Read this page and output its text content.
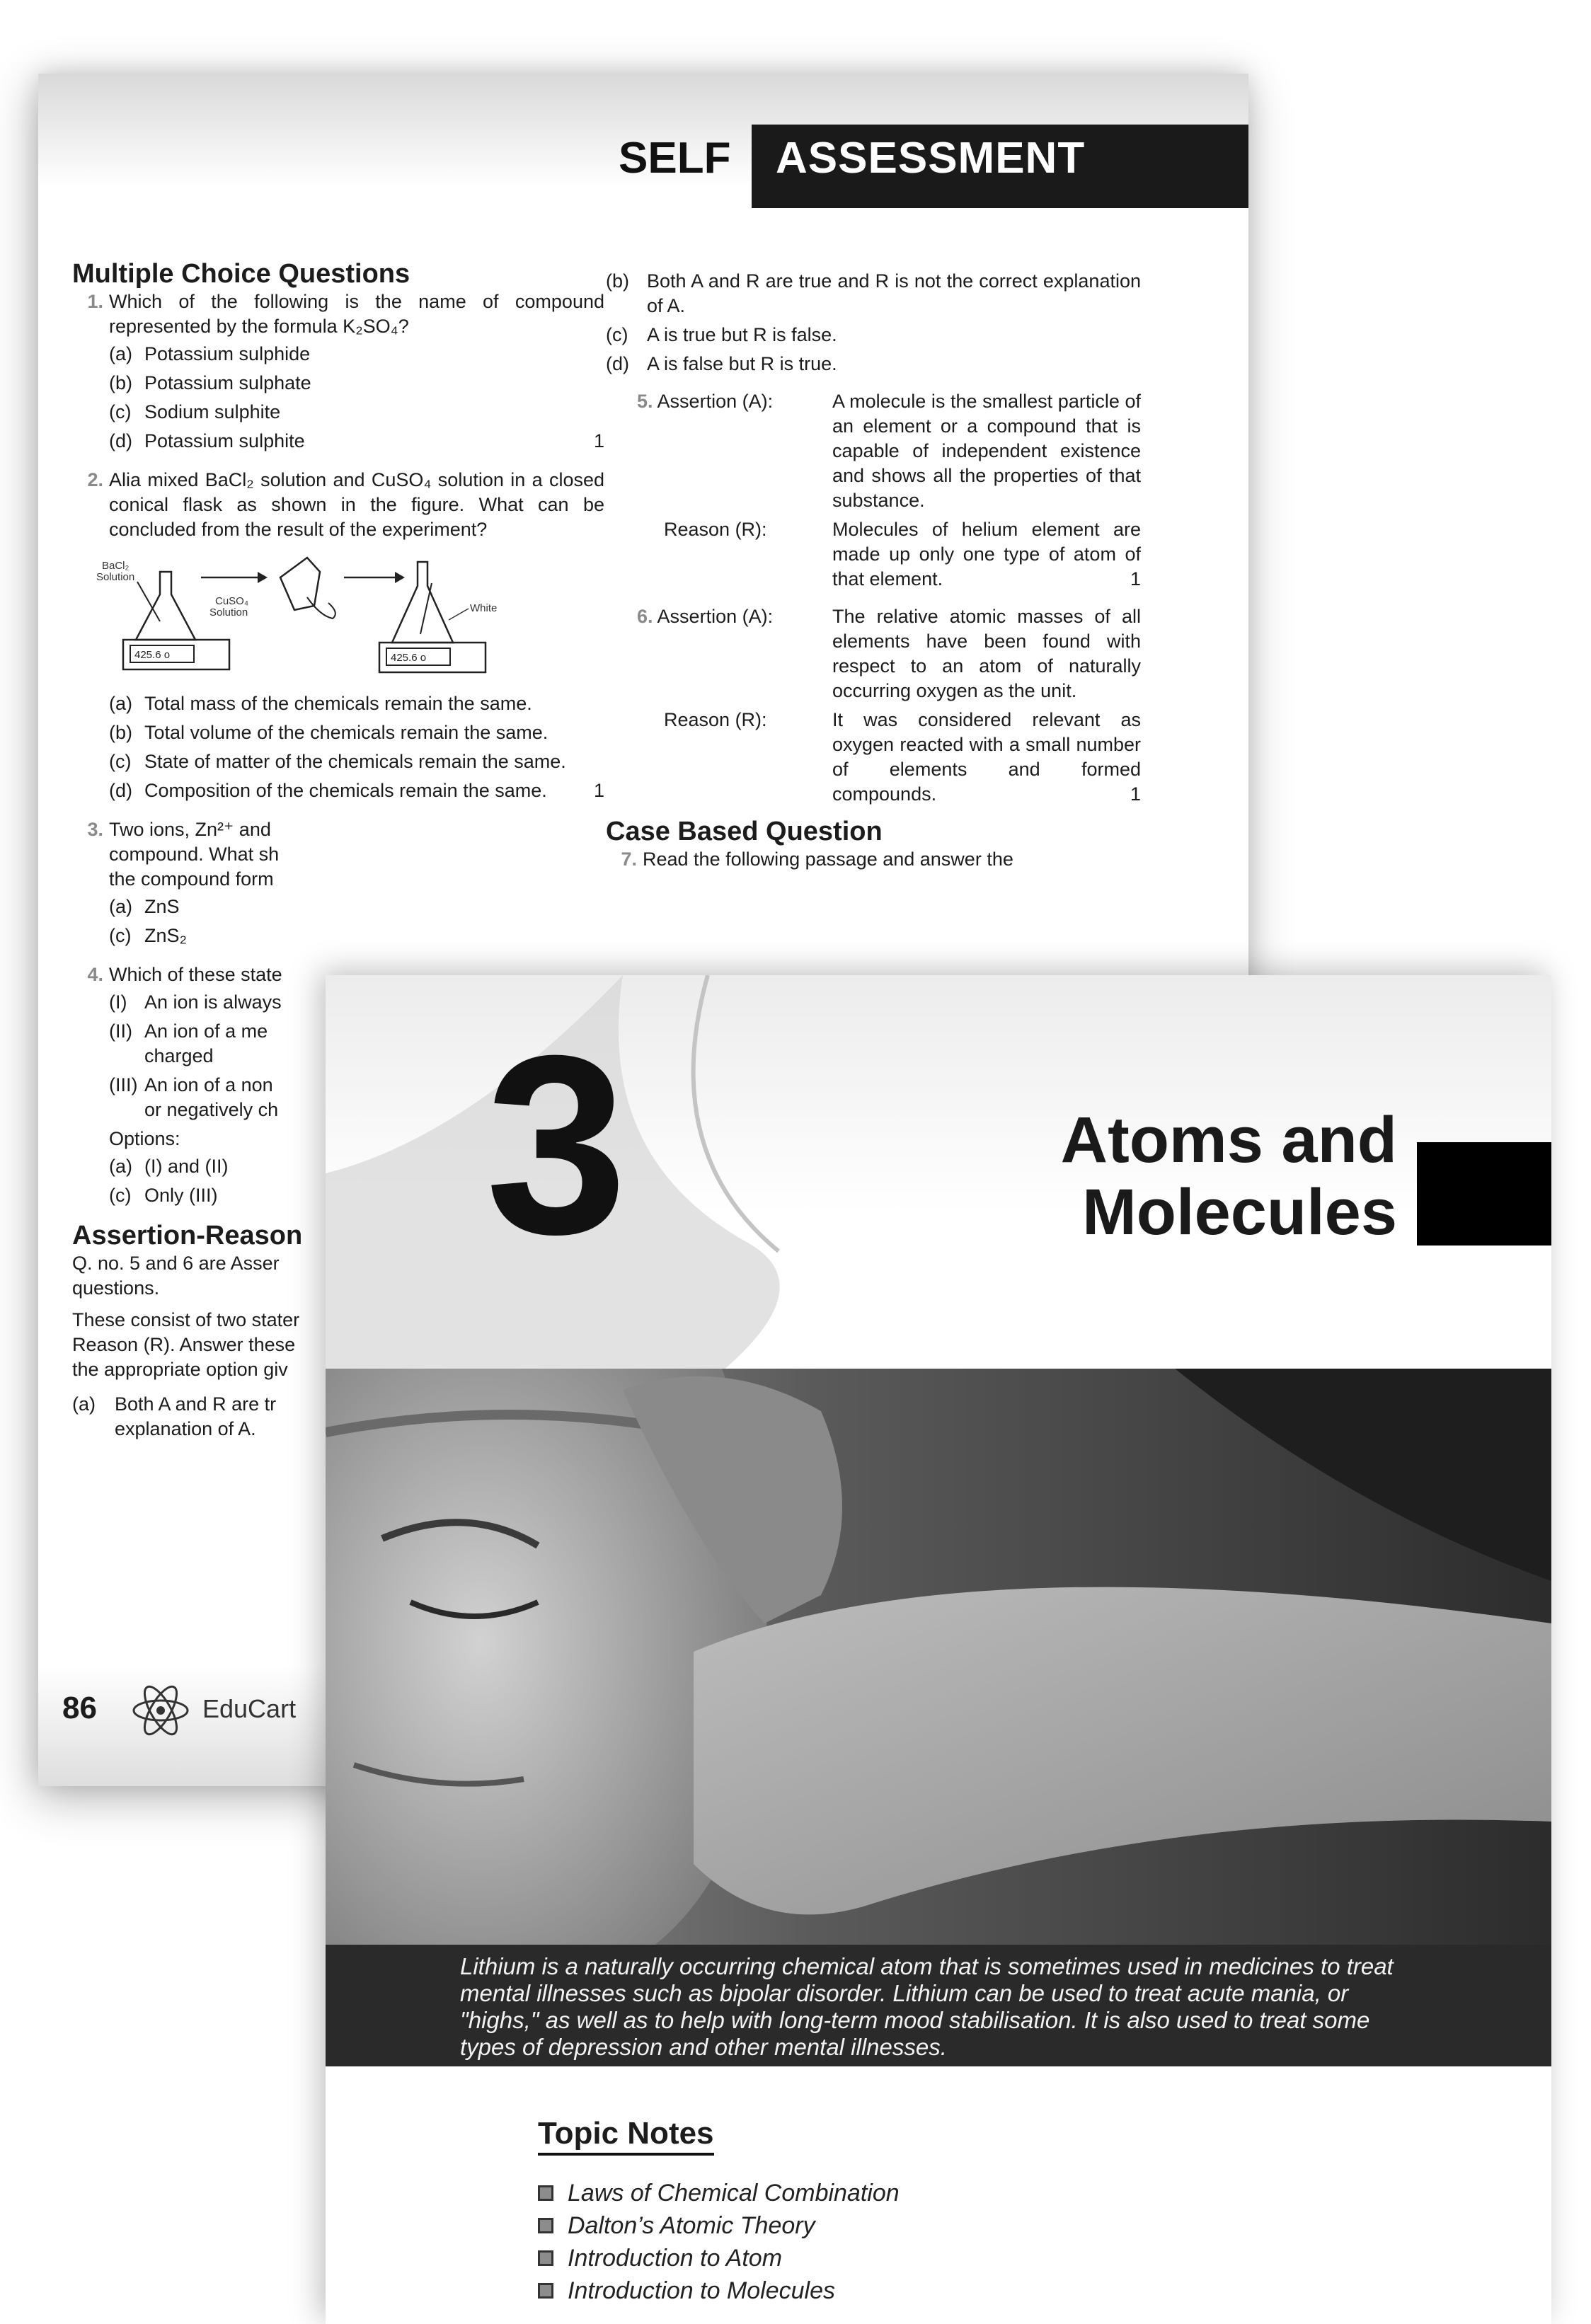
SELF ASSESSMENT
Multiple Choice Questions
1. Which of the following is the name of compound represented by the formula K₂SO₄?
(a) Potassium sulphide
(b) Potassium sulphate
(c) Sodium sulphite
(d) Potassium sulphite	1
2. Alia mixed BaCl₂ solution and CuSO₄ solution in a closed conical flask as shown in the figure. What can be concluded from the result of the experiment?
BaCl₂
Solution
425.6 o
CuSO₄
Solution	White
425.6 o
(a) Total mass of the chemicals remain the same.
(b) Total volume of the chemicals remain the same.
(c) State of matter of the chemicals remain the same.
(d) Composition of the chemicals remain the same. 1
3. Two ions, Zn²⁺ and
compound. What sh
the compound form
(a) ZnS
(c) ZnS₂
4. Which of these state
(I) An ion is always
(II) An ion of a me
charged
(III) An ion of a non
or negatively ch
Options:
(a) (I) and (II)
(c) Only (III)
Assertion-Reason
Q. no. 5 and 6 are Asser
questions.
These consist of two stater
Reason (R). Answer these
the appropriate option giv
(a)	Both A and R are tr
explanation of A.
(b) Both A and R are true and R is not the correct explanation of A.
(c) A is true but R is false.
(d) A is false but R is true.
5. Assertion (A):	A molecule is the smallest particle of an element or a compound that is capable of independent existence and shows all the properties of that substance.
Reason (R):	Molecules of helium element are made up only one type of atom of that element.	1
6. Assertion (A):	The relative atomic masses of all elements have been found with respect to an atom of naturally occurring oxygen as the unit.
Reason (R):	It was considered relevant as oxygen reacted with a small number of elements and formed compounds.	1
Case Based Question
7. Read the following passage and answer the
86	EduCart
3	Atoms and
Molecules
Lithium is a naturally occurring chemical atom that is sometimes used in medicines to treat mental illnesses such as bipolar disorder. Lithium can be used to treat acute mania, or "highs," as well as to help with long-term mood stabilisation. It is also used to treat some types of depression and other mental illnesses.
Topic Notes
Laws of Chemical Combination
Dalton’s Atomic Theory
Introduction to Atom
Introduction to Molecules
